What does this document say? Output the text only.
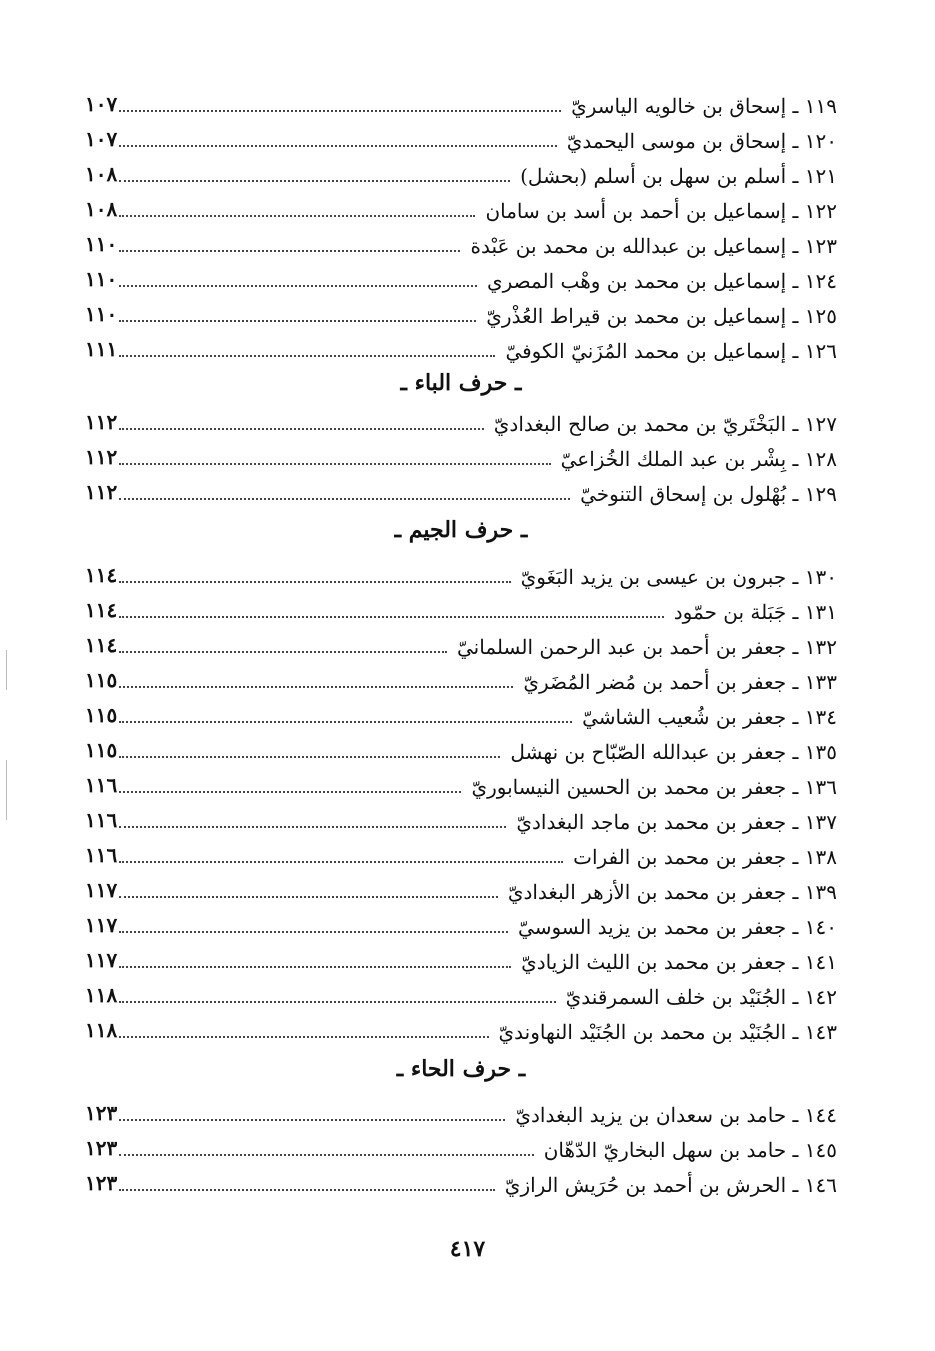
١١٩ ـ إسحاق بن خالويه الياسريّ
١٠٧
١٢٠ ـ إسحاق بن موسى اليحمديّ
١٠٧
١٢١ ـ أسلم بن سهل بن أسلم (بحشل)
١٠٨
١٢٢ ـ إسماعيل بن أحمد بن أسد بن سامان
١٠٨
١٢٣ ـ إسماعيل بن عبدالله بن محمد بن عَبْدة
١١٠
١٢٤ ـ إسماعيل بن محمد بن وهْب المصري
١١٠
١٢٥ ـ إسماعيل بن محمد بن قيراط العُذْريّ
١١٠
١٢٦ ـ إسماعيل بن محمد المُزَنيّ الكوفيّ
١١١
ـ حرف الباء ـ
١٢٧ ـ البَخْتَريّ بن محمد بن صالح البغداديّ
١١٢
١٢٨ ـ بِشْر بن عبد الملك الخُزاعيّ
١١٢
١٢٩ ـ بُهْلول بن إسحاق التنوخيّ
١١٢
ـ حرف الجيم ـ
١٣٠ ـ جبرون بن عيسى بن يزيد البَغَويّ
١١٤
١٣١ ـ جَبَلة بن حمّود
١١٤
١٣٢ ـ جعفر بن أحمد بن عبد الرحمن السلمانيّ
١١٤
١٣٣ ـ جعفر بن أحمد بن مُضر المُضَريّ
١١٥
١٣٤ ـ جعفر بن شُعيب الشاشيّ
١١٥
١٣٥ ـ جعفر بن عبدالله الصّبّاح بن نهشل
١١٥
١٣٦ ـ جعفر بن محمد بن الحسين النيسابوريّ
١١٦
١٣٧ ـ جعفر بن محمد بن ماجد البغداديّ
١١٦
١٣٨ ـ جعفر بن محمد بن الفرات
١١٦
١٣٩ ـ جعفر بن محمد بن الأزهر البغداديّ
١١٧
١٤٠ ـ جعفر بن محمد بن يزيد السوسيّ
١١٧
١٤١ ـ جعفر بن محمد بن الليث الزياديّ
١١٧
١٤٢ ـ الجُنَيْد بن خلف السمرقنديّ
١١٨
١٤٣ ـ الجُنَيْد بن محمد بن الجُنَيْد النهاونديّ
١١٨
ـ حرف الحاء ـ
١٤٤ ـ حامد بن سعدان بن يزيد البغداديّ
١٢٣
١٤٥ ـ حامد بن سهل البخاريّ الدّهّان
١٢٣
١٤٦ ـ الحرش بن أحمد بن حُرَيش الرازيّ
١٢٣
٤١٧
